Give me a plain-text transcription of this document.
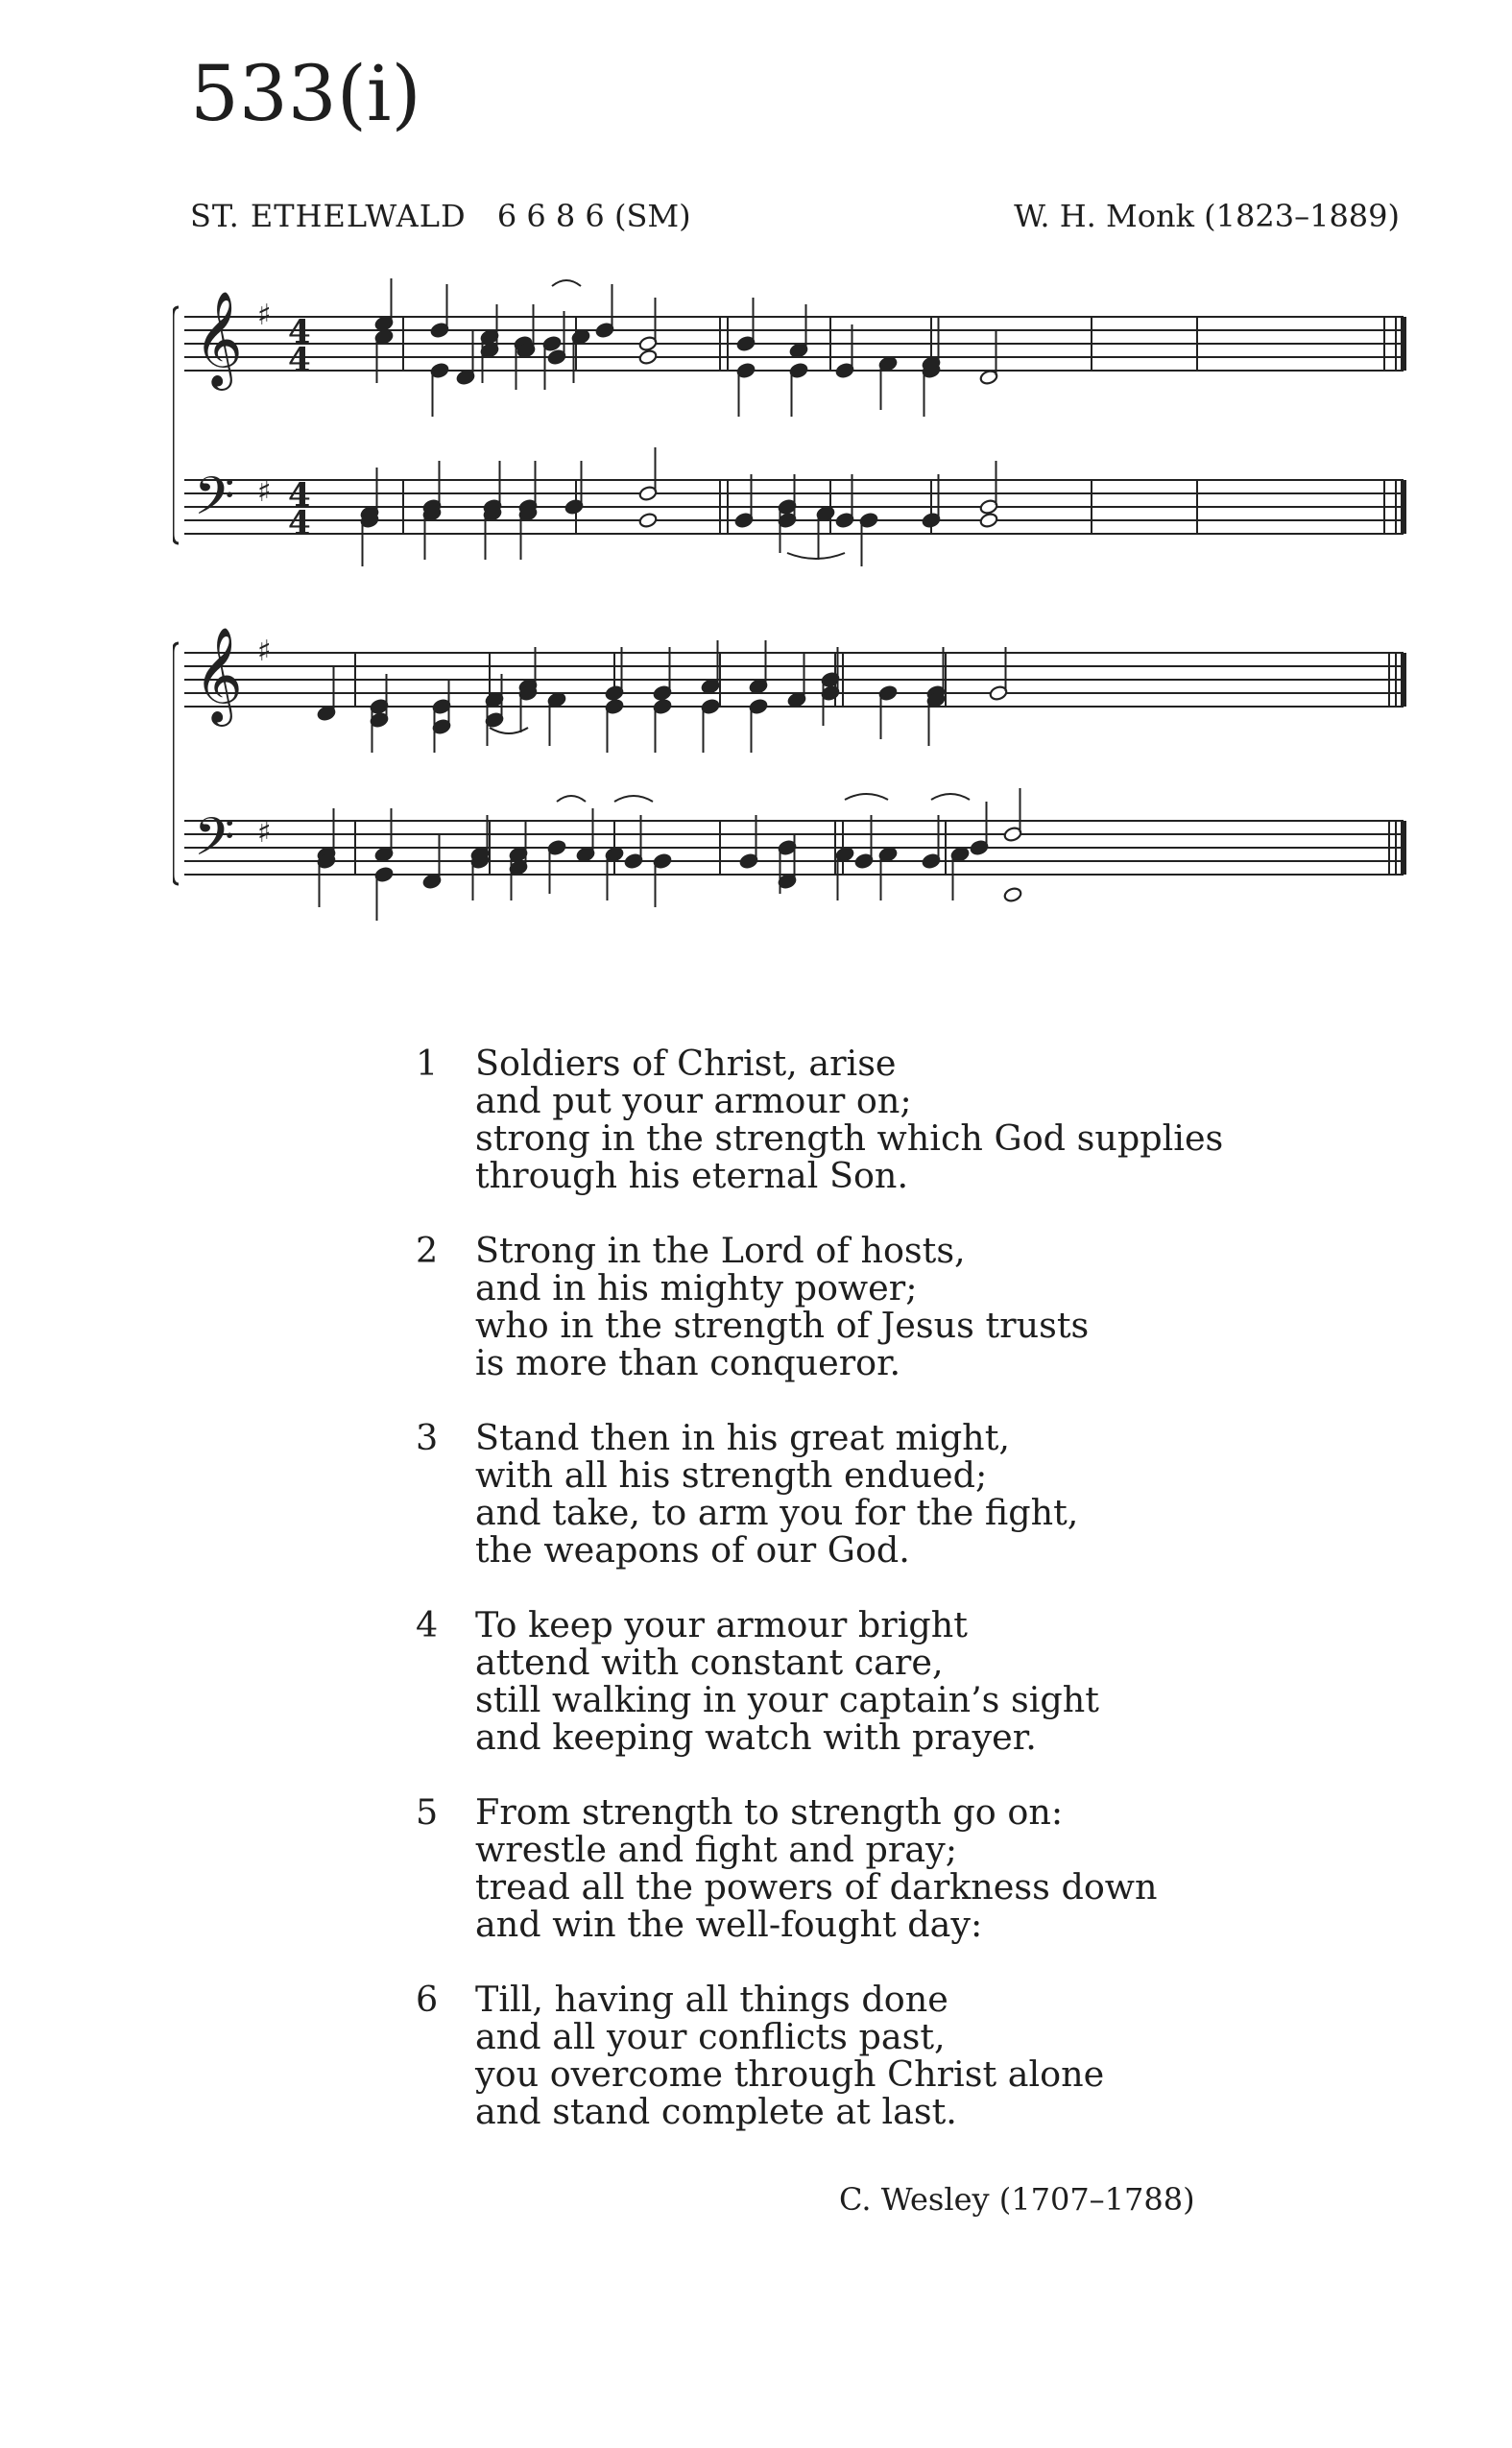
533(i)
ST. ETHELWALD 6 6 8 6 (SM)	W. H. Monk (1823–1889)
𝄞 ♯ 4
4
𝄢 ♯ 4
4
𝄞 ♯
𝄢 ♯
1	Soldiers of Christ, arise
and put your armour on;
strong in the strength which God supplies
through his eternal Son.
2	Strong in the Lord of hosts,
and in his mighty power;
who in the strength of Jesus trusts
is more than conqueror.
3	Stand then in his great might,
with all his strength endued;
and take, to arm you for the fight,
the weapons of our God.
4	To keep your armour bright
attend with constant care,
still walking in your captain’s sight
and keeping watch with prayer.
5	From strength to strength go on:
wrestle and fight and pray;
tread all the powers of darkness down
and win the well-fought day:
6	Till, having all things done
and all your conflicts past,
you overcome through Christ alone
and stand complete at last.
C. Wesley (1707–1788)
